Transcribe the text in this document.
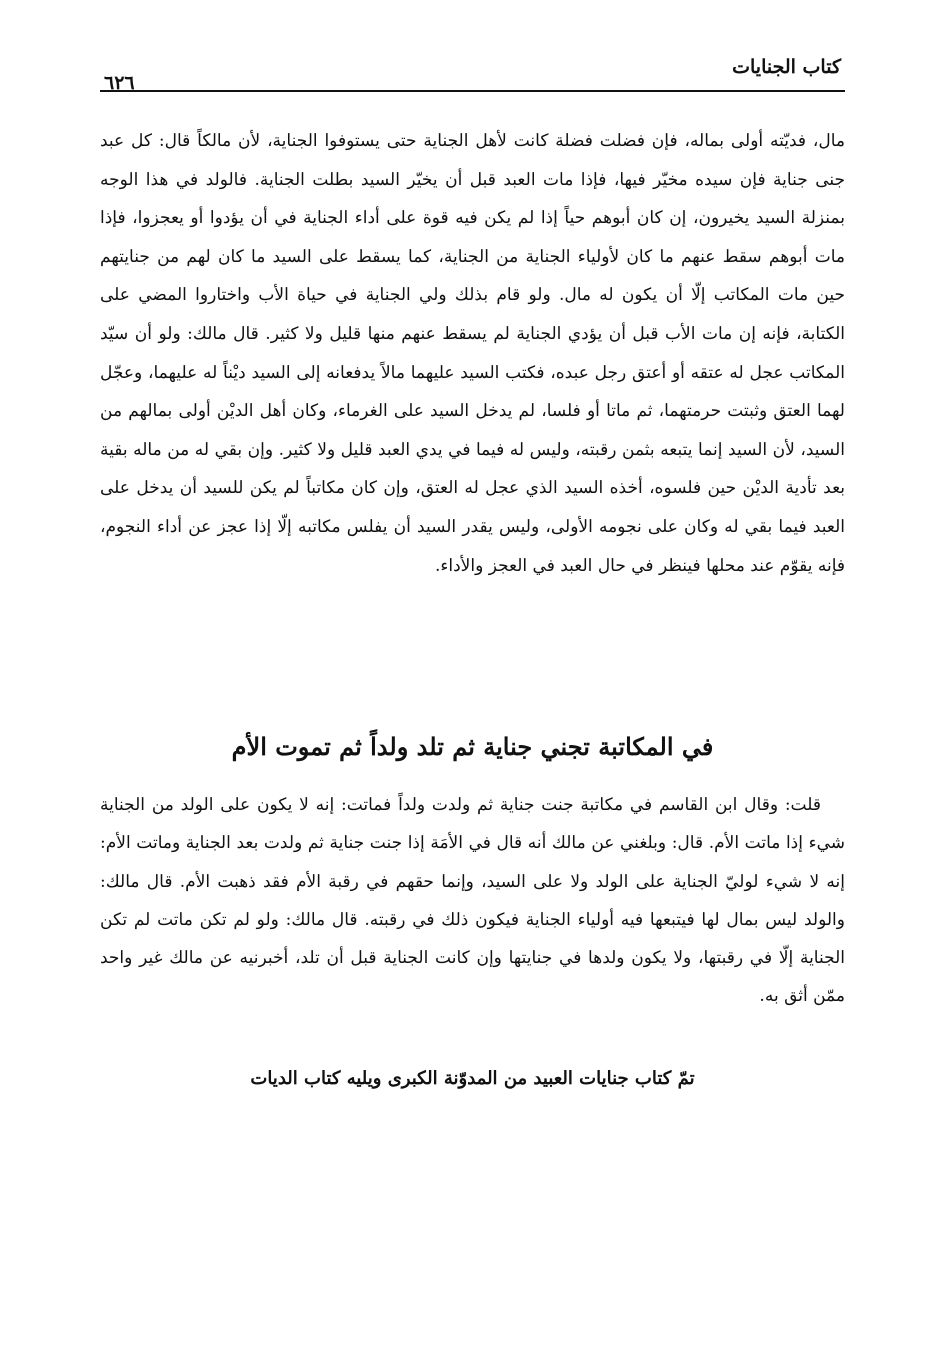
كتاب الجنايات
٦٢٦

مال، فديّته أولى بماله، فإن فضلت فضلة كانت لأهل الجناية حتى يستوفوا الجناية، لأن مالكاً قال: كل عبد جنى جناية فإن سيده مخيّر فيها، فإذا مات العبد قبل أن يخيّر السيد بطلت الجناية. فالولد في هذا الوجه بمنزلة السيد يخيرون، إن كان أبوهم حياً إذا لم يكن فيه قوة على أداء الجناية في أن يؤدوا أو يعجزوا، فإذا مات أبوهم سقط عنهم ما كان لأولياء الجناية من الجناية، كما يسقط على السيد ما كان لهم من جنايتهم حين مات المكاتب إلّا أن يكون له مال. ولو قام بذلك ولي الجناية في حياة الأب واختاروا المضي على الكتابة، فإنه إن مات الأب قبل أن يؤدي الجناية لم يسقط عنهم منها قليل ولا كثير. قال مالك: ولو أن سيّد المكاتب عجل له عتقه أو أعتق رجل عبده، فكتب السيد عليهما مالاً يدفعانه إلى السيد ديْناً له عليهما، وعجّل لهما العتق وثبتت حرمتهما، ثم ماتا أو فلسا، لم يدخل السيد على الغرماء، وكان أهل الديْن أولى بمالهم من السيد، لأن السيد إنما يتبعه بثمن رقبته، وليس له فيما في يدي العبد قليل ولا كثير. وإن بقي له من ماله بقية بعد تأدية الديْن حين فلسوه، أخذه السيد الذي عجل له العتق، وإن كان مكاتباً لم يكن للسيد أن يدخل على العبد فيما بقي له وكان على نجومه الأولى، وليس يقدر السيد أن يفلس مكاتبه إلّا إذا عجز عن أداء النجوم، فإنه يقوّم عند محلها فينظر في حال العبد في العجز والأداء.

في المكاتبة تجني جناية ثم تلد ولداً ثم تموت الأم

قلت: وقال ابن القاسم في مكاتبة جنت جناية ثم ولدت ولداً فماتت: إنه لا يكون على الولد من الجناية شيء إذا ماتت الأم. قال: وبلغني عن مالك أنه قال في الأمَة إذا جنت جناية ثم ولدت بعد الجناية وماتت الأم: إنه لا شيء لوليّ الجناية على الولد ولا على السيد، وإنما حقهم في رقبة الأم فقد ذهبت الأم. قال مالك: والولد ليس بمال لها فيتبعها فيه أولياء الجناية فيكون ذلك في رقبته. قال مالك: ولو لم تكن ماتت لم تكن الجناية إلّا في رقبتها، ولا يكون ولدها في جنايتها وإن كانت الجناية قبل أن تلد، أخبرنيه عن مالك غير واحد ممّن أثق به.

تمّ كتاب جنايات العبيد من المدوّنة الكبرى ويليه كتاب الديات
